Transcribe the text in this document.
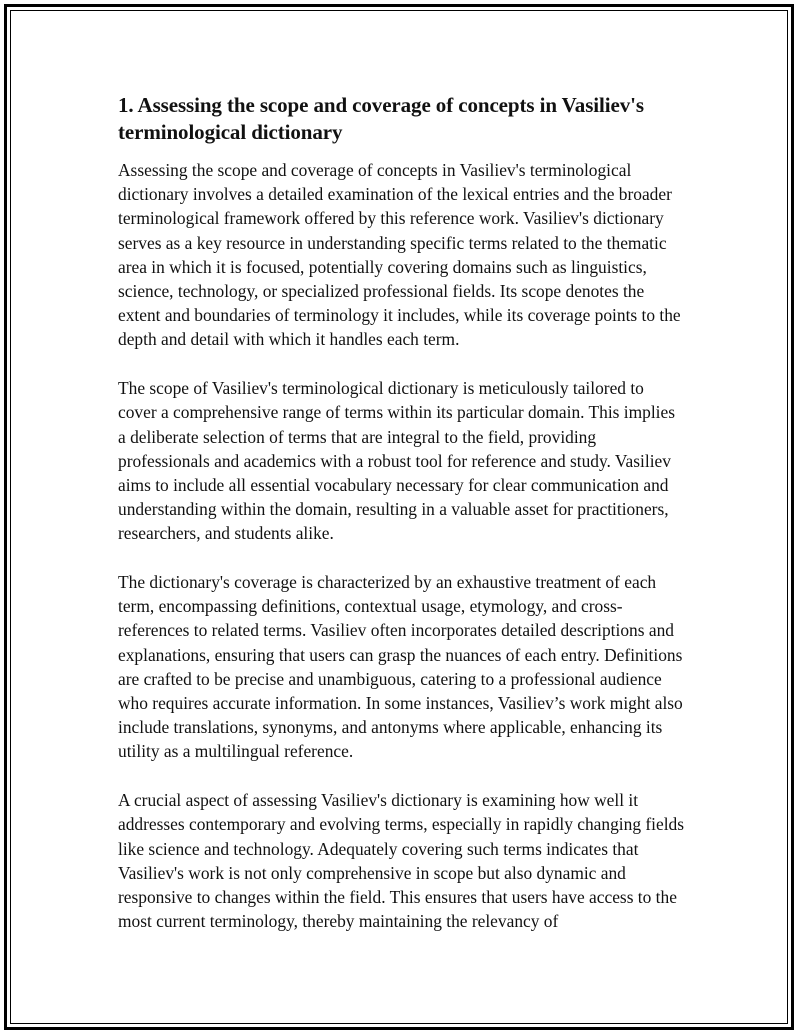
1. Assessing the scope and coverage of concepts in Vasiliev's terminological dictionary

Assessing the scope and coverage of concepts in Vasiliev's terminological dictionary involves a detailed examination of the lexical entries and the broader terminological framework offered by this reference work. Vasiliev's dictionary serves as a key resource in understanding specific terms related to the thematic area in which it is focused, potentially covering domains such as linguistics, science, technology, or specialized professional fields. Its scope denotes the extent and boundaries of terminology it includes, while its coverage points to the depth and detail with which it handles each term.

The scope of Vasiliev's terminological dictionary is meticulously tailored to cover a comprehensive range of terms within its particular domain. This implies a deliberate selection of terms that are integral to the field, providing professionals and academics with a robust tool for reference and study. Vasiliev aims to include all essential vocabulary necessary for clear communication and understanding within the domain, resulting in a valuable asset for practitioners, researchers, and students alike.

The dictionary's coverage is characterized by an exhaustive treatment of each term, encompassing definitions, contextual usage, etymology, and cross-references to related terms. Vasiliev often incorporates detailed descriptions and explanations, ensuring that users can grasp the nuances of each entry. Definitions are crafted to be precise and unambiguous, catering to a professional audience who requires accurate information. In some instances, Vasiliev’s work might also include translations, synonyms, and antonyms where applicable, enhancing its utility as a multilingual reference.

A crucial aspect of assessing Vasiliev's dictionary is examining how well it addresses contemporary and evolving terms, especially in rapidly changing fields like science and technology. Adequately covering such terms indicates that Vasiliev's work is not only comprehensive in scope but also dynamic and responsive to changes within the field. This ensures that users have access to the most current terminology, thereby maintaining the relevancy of
